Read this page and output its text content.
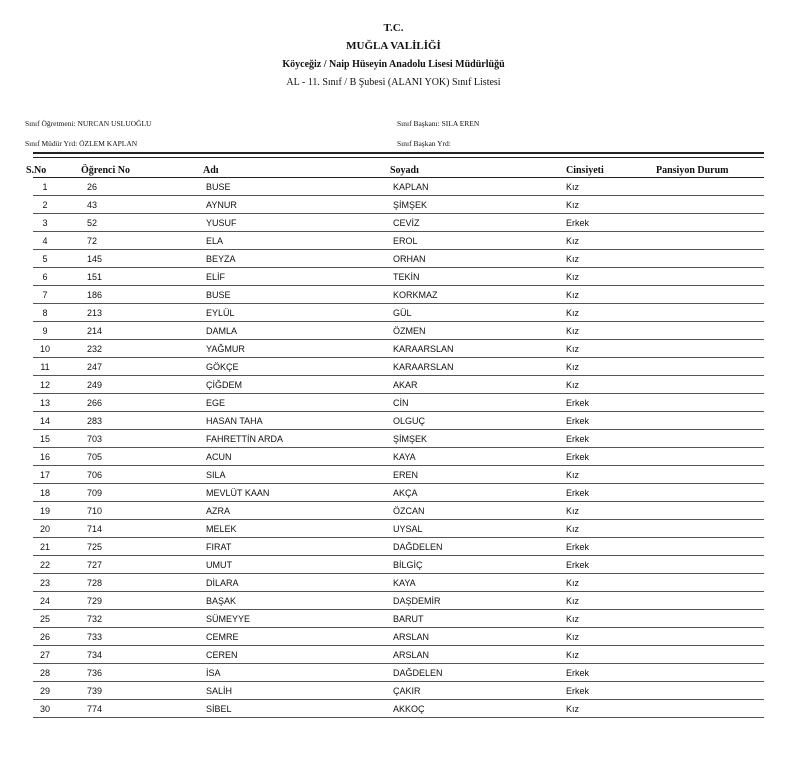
T.C.
MUĞLA VALİLİĞİ
Köyceğiz / Naip Hüseyin Anadolu Lisesi Müdürlüğü
AL - 11. Sınıf / B Şubesi (ALANI YOK) Sınıf Listesi
Sınıf Öğretmeni: NURCAN USLUOĞLU
Sınıf Müdür Yrd: ÖZLEM KAPLAN
Sınıf Başkanı: SILA EREN
Sınıf Başkan Yrd:
S.No	Öğrenci No	Adı	Soyadı	Cinsiyeti	Pansiyon Durum
1	26	BUSE	KAPLAN	Kız
2	43	AYNUR	ŞİMŞEK	Kız
3	52	YUSUF	CEVİZ	Erkek
4	72	ELA	EROL	Kız
5	145	BEYZA	ORHAN	Kız
6	151	ELİF	TEKİN	Kız
7	186	BUSE	KORKMAZ	Kız
8	213	EYLÜL	GÜL	Kız
9	214	DAMLA	ÖZMEN	Kız
10	232	YAĞMUR	KARAARSLAN	Kız
11	247	GÖKÇE	KARAARSLAN	Kız
12	249	ÇİĞDEM	AKAR	Kız
13	266	EGE	CİN	Erkek
14	283	HASAN TAHA	OLGUÇ	Erkek
15	703	FAHRETTİN ARDA	ŞİMŞEK	Erkek
16	705	ACUN	KAYA	Erkek
17	706	SILA	EREN	Kız
18	709	MEVLÜT KAAN	AKÇA	Erkek
19	710	AZRA	ÖZCAN	Kız
20	714	MELEK	UYSAL	Kız
21	725	FIRAT	DAĞDELEN	Erkek
22	727	UMUT	BİLGİÇ	Erkek
23	728	DİLARA	KAYA	Kız
24	729	BAŞAK	DAŞDEMİR	Kız
25	732	SÜMEYYE	BARUT	Kız
26	733	CEMRE	ARSLAN	Kız
27	734	CEREN	ARSLAN	Kız
28	736	İSA	DAĞDELEN	Erkek
29	739	SALİH	ÇAKIR	Erkek
30	774	SİBEL	AKKOÇ	Kız
